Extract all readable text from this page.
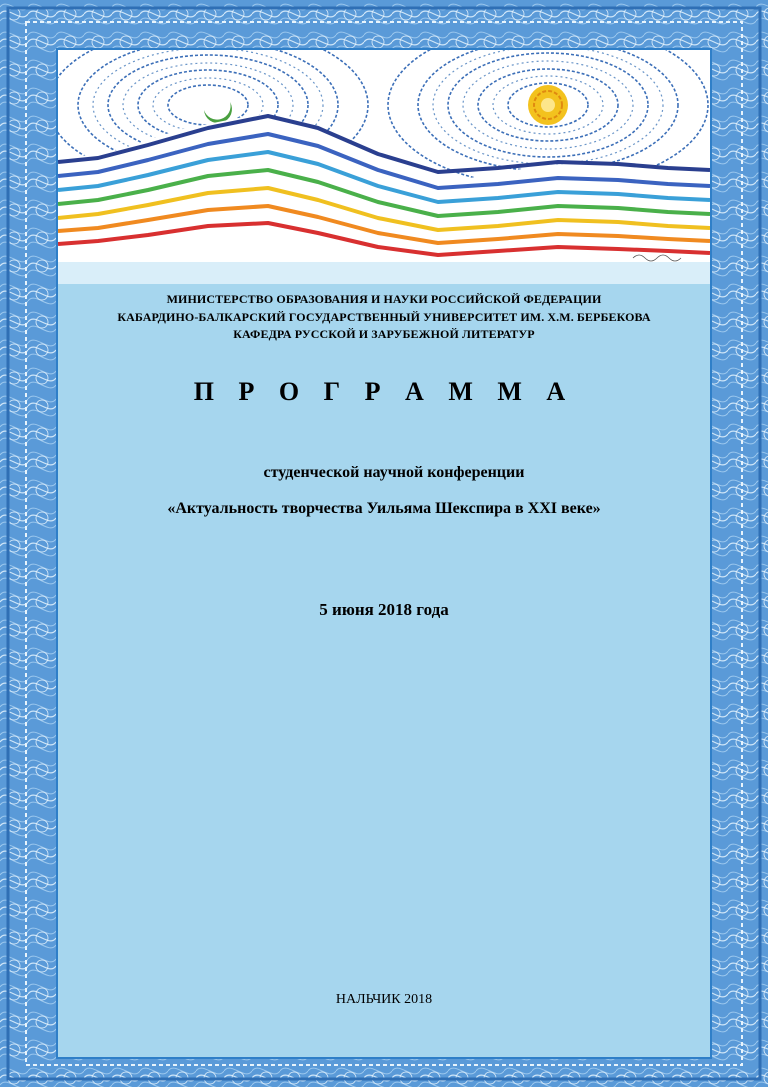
МИНИСТЕРСТВО ОБРАЗОВАНИЯ И НАУКИ РОССИЙСКОЙ ФЕДЕРАЦИИ

КАБАРДИНО-БАЛКАРСКИЙ ГОСУДАРСТВЕННЫЙ УНИВЕРСИТЕТ ИМ. Х.М. БЕРБЕКОВА

КАФЕДРА РУССКОЙ И ЗАРУБЕЖНОЙ ЛИТЕРАТУР

П Р О Г Р А М М А

студенческой научной конференции

«Актуальность творчества Уильяма Шекспира в XXI веке»

5 июня 2018 года

НАЛЬЧИК 2018
